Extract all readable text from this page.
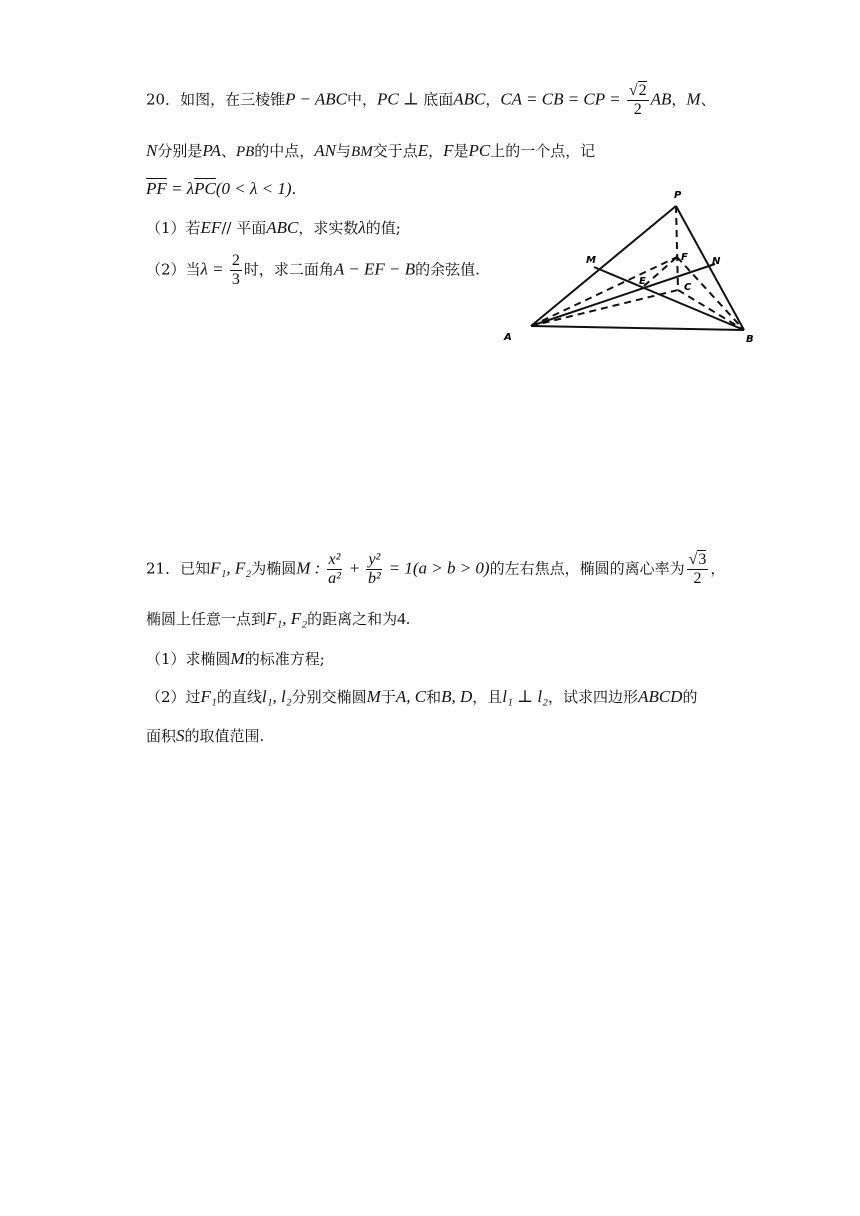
20．如图，在三棱锥P − ABC中，PC ⊥ 底面ABC，CA = CB = CP = $\frac{√2}{2}$ AB，M、
N分别是PA、PB的中点，AN与BM交于点E，F是PC上的一个点，记
$\overline{PF} = \lambda\overline{PC}(0 < \lambda < 1)$.
（1）若EF// 平面ABC，求实数λ的值;
（2）当$\lambda = \frac{2}{3}$ 时，求二面角A − EF − B的余弦值.
P
M	F N
E
C
A	B
21．已知F₁, F₂为椭圆M : $\frac{\text{x²}}{\text{a²}} + \frac{\text{y²}}{\text{b²}} = 1(a > b > 0)$的左右焦点，椭圆的离心率为 $\frac{√3}{2}$ ，
椭圆上任意一点到F₁, F₂的距离之和为4.
（1）求椭圆M的标准方程;
（2）过F₁的直线l₁, l₂分别交椭圆M于A, C和B, D，且l₁ ⊥ l₂，试求四边形ABCD的
面积S的取值范围.
